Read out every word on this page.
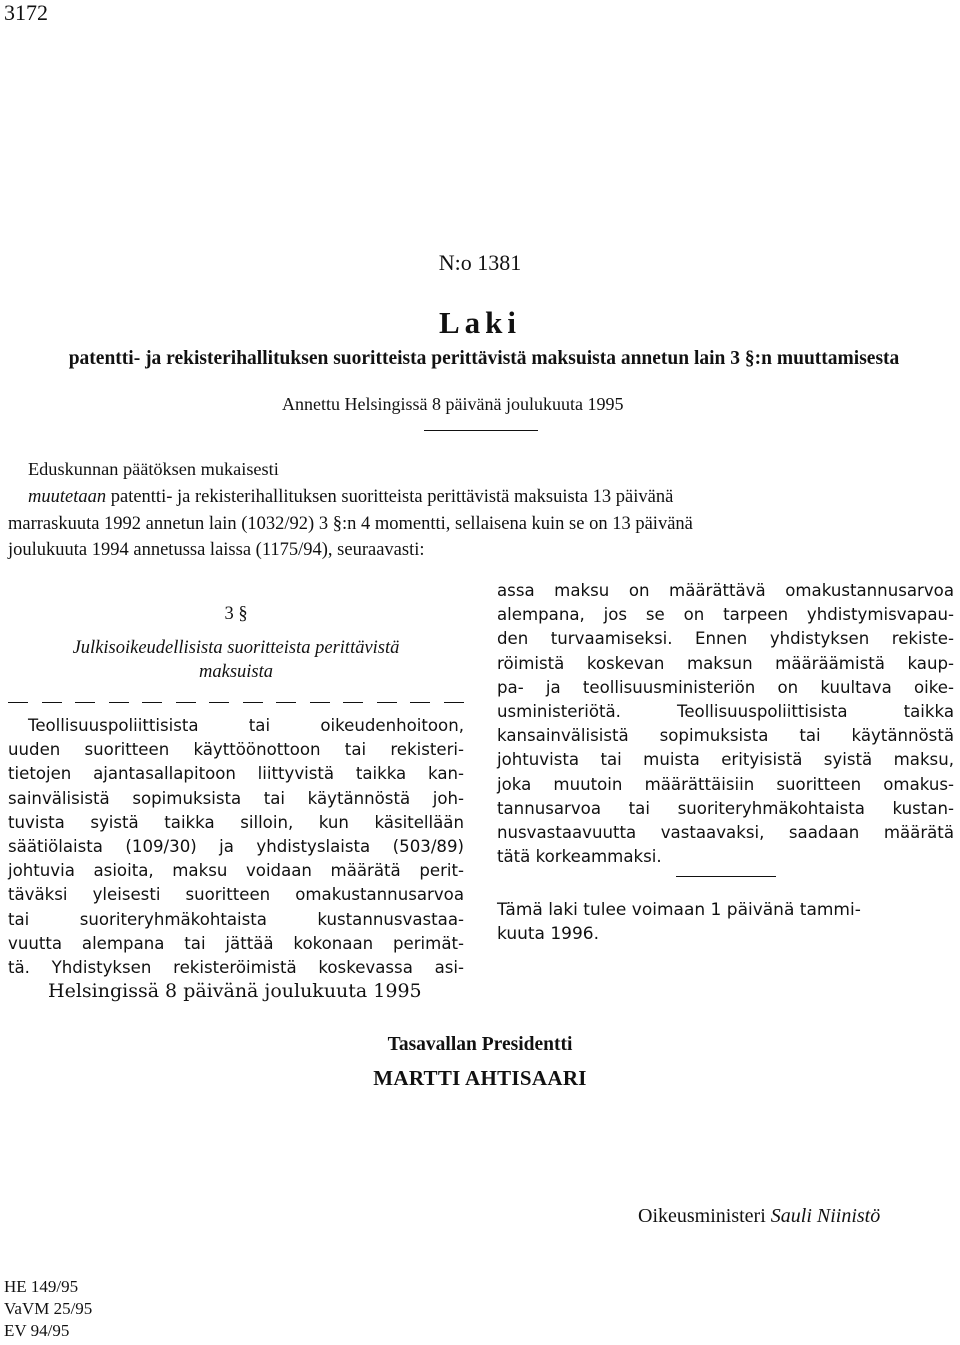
3172
N:o 1381
Laki
patentti- ja rekisterihallituksen suoritteista perittävistä maksuista annetun lain 3 §:n muuttamisesta
Annettu Helsingissä 8 päivänä joulukuuta 1995
Eduskunnan päätöksen mukaisesti
muutetaan patentti- ja rekisterihallituksen suoritteista perittävistä maksuista 13 päivänä
marraskuuta 1992 annetun lain (1032/92) 3 §:n 4 momentti, sellaisena kuin se on 13 päivänä
joulukuuta 1994 annetussa laissa (1175/94), seuraavasti:
3 §
Julkisoikeudellisista suoritteista perittävistä
maksuista
Teollisuuspoliittisista tai oikeudenhoitoon,
uuden suoritteen käyttöönottoon tai rekisteri-
tietojen ajantasallapitoon liittyvistä taikka kan-
sainvälisistä sopimuksista tai käytännöstä joh-
tuvista syistä taikka silloin, kun käsitellään
säätiölaista (109/30) ja yhdistyslaista (503/89)
johtuvia asioita, maksu voidaan määrätä perit-
täväksi yleisesti suoritteen omakustannusarvoa
tai suoriteryhmäkohtaista kustannusvastaa-
vuutta alempana tai jättää kokonaan perimät-
tä. Yhdistyksen rekisteröimistä koskevassa asi-
assa maksu on määrättävä omakustannusarvoa
alempana, jos se on tarpeen yhdistymisvapau-
den turvaamiseksi. Ennen yhdistyksen rekiste-
röimistä koskevan maksun määräämistä kaup-
pa- ja teollisuusministeriön on kuultava oike-
usministeriötä. Teollisuuspoliittisista taikka
kansainvälisistä sopimuksista tai käytännöstä
johtuvista tai muista erityisistä syistä maksu,
joka muutoin määrättäisiin suoritteen omakus-
tannusarvoa tai suoriteryhmäkohtaista kustan-
nusvastaavuutta vastaavaksi, saadaan määrätä
tätä korkeammaksi.
Tämä laki tulee voimaan 1 päivänä tammi-
kuuta 1996.
Helsingissä 8 päivänä joulukuuta 1995
Tasavallan Presidentti
MARTTI AHTISAARI
Oikeusministeri Sauli Niinistö
HE 149/95
VaVM 25/95
EV 94/95
